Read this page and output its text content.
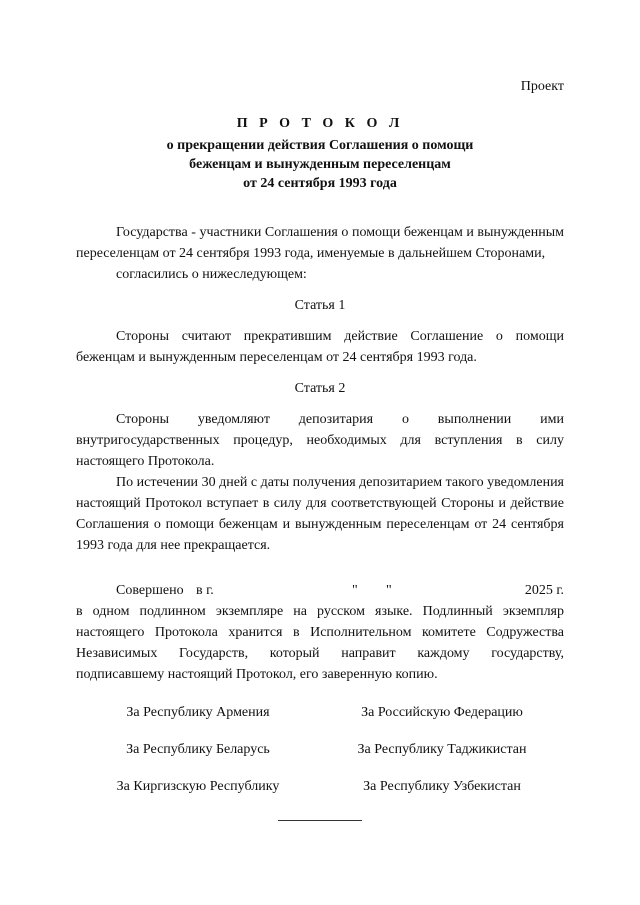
Проект
П Р О Т О К О Л
о прекращении действия Соглашения о помощи
беженцам и вынужденным переселенцам
от 24 сентября 1993 года

Государства - участники Соглашения о помощи беженцам и вынужденным переселенцам от 24 сентября 1993 года, именуемые в дальнейшем Сторонами,

согласились о нижеследующем:

Статья 1

Стороны считают прекратившим действие Соглашение о помощи беженцам и вынужденным переселенцам от 24 сентября 1993 года.

Статья 2

Стороны уведомляют депозитария о выполнении ими внутригосударственных процедур, необходимых для вступления в силу настоящего Протокола.

По истечении 30 дней с даты получения депозитарием такого уведомления настоящий Протокол вступает в силу для соответствующей Стороны и действие Соглашения о помощи беженцам и вынужденным переселенцам от 24 сентября 1993 года для нее прекращается.

Совершено в г.	" "	2025 г.

в одном подлинном экземпляре на русском языке. Подлинный экземпляр настоящего Протокола хранится в Исполнительном комитете Содружества Независимых Государств, который направит каждому государству, подписавшему настоящий Протокол, его заверенную копию.

За Республику Армения	За Российскую Федерацию
За Республику Беларусь	За Республику Таджикистан
За Киргизскую Республику	За Республику Узбекистан
